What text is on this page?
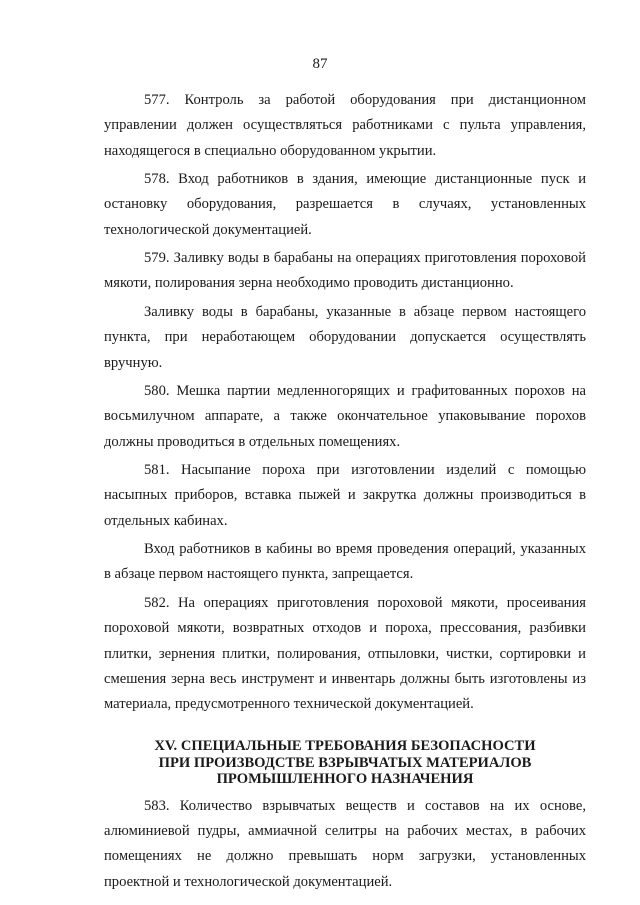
87

577. Контроль за работой оборудования при дистанционном управлении должен осуществляться работниками с пульта управления, находящегося в специально оборудованном укрытии.

578. Вход работников в здания, имеющие дистанционные пуск и остановку оборудования, разрешается в случаях, установленных технологической документацией.

579. Заливку воды в барабаны на операциях приготовления пороховой мякоти, полирования зерна необходимо проводить дистанционно.

Заливку воды в барабаны, указанные в абзаце первом настоящего пункта, при неработающем оборудовании допускается осуществлять вручную.

580. Мешка партии медленногорящих и графитованных порохов на восьмилучном аппарате, а также окончательное упаковывание порохов должны проводиться в отдельных помещениях.

581. Насыпание пороха при изготовлении изделий с помощью насыпных приборов, вставка пыжей и закрутка должны производиться в отдельных кабинах.

Вход работников в кабины во время проведения операций, указанных в абзаце первом настоящего пункта, запрещается.

582. На операциях приготовления пороховой мякоти, просеивания пороховой мякоти, возвратных отходов и пороха, прессования, разбивки плитки, зернения плитки, полирования, отпыловки, чистки, сортировки и смешения зерна весь инструмент и инвентарь должны быть изготовлены из материала, предусмотренного технической документацией.

XV. СПЕЦИАЛЬНЫЕ ТРЕБОВАНИЯ БЕЗОПАСНОСТИ
ПРИ ПРОИЗВОДСТВЕ ВЗРЫВЧАТЫХ МАТЕРИАЛОВ
ПРОМЫШЛЕННОГО НАЗНАЧЕНИЯ

583. Количество взрывчатых веществ и составов на их основе, алюминиевой пудры, аммиачной селитры на рабочих местах, в рабочих помещениях не должно превышать норм загрузки, установленных проектной и технологической документацией.
